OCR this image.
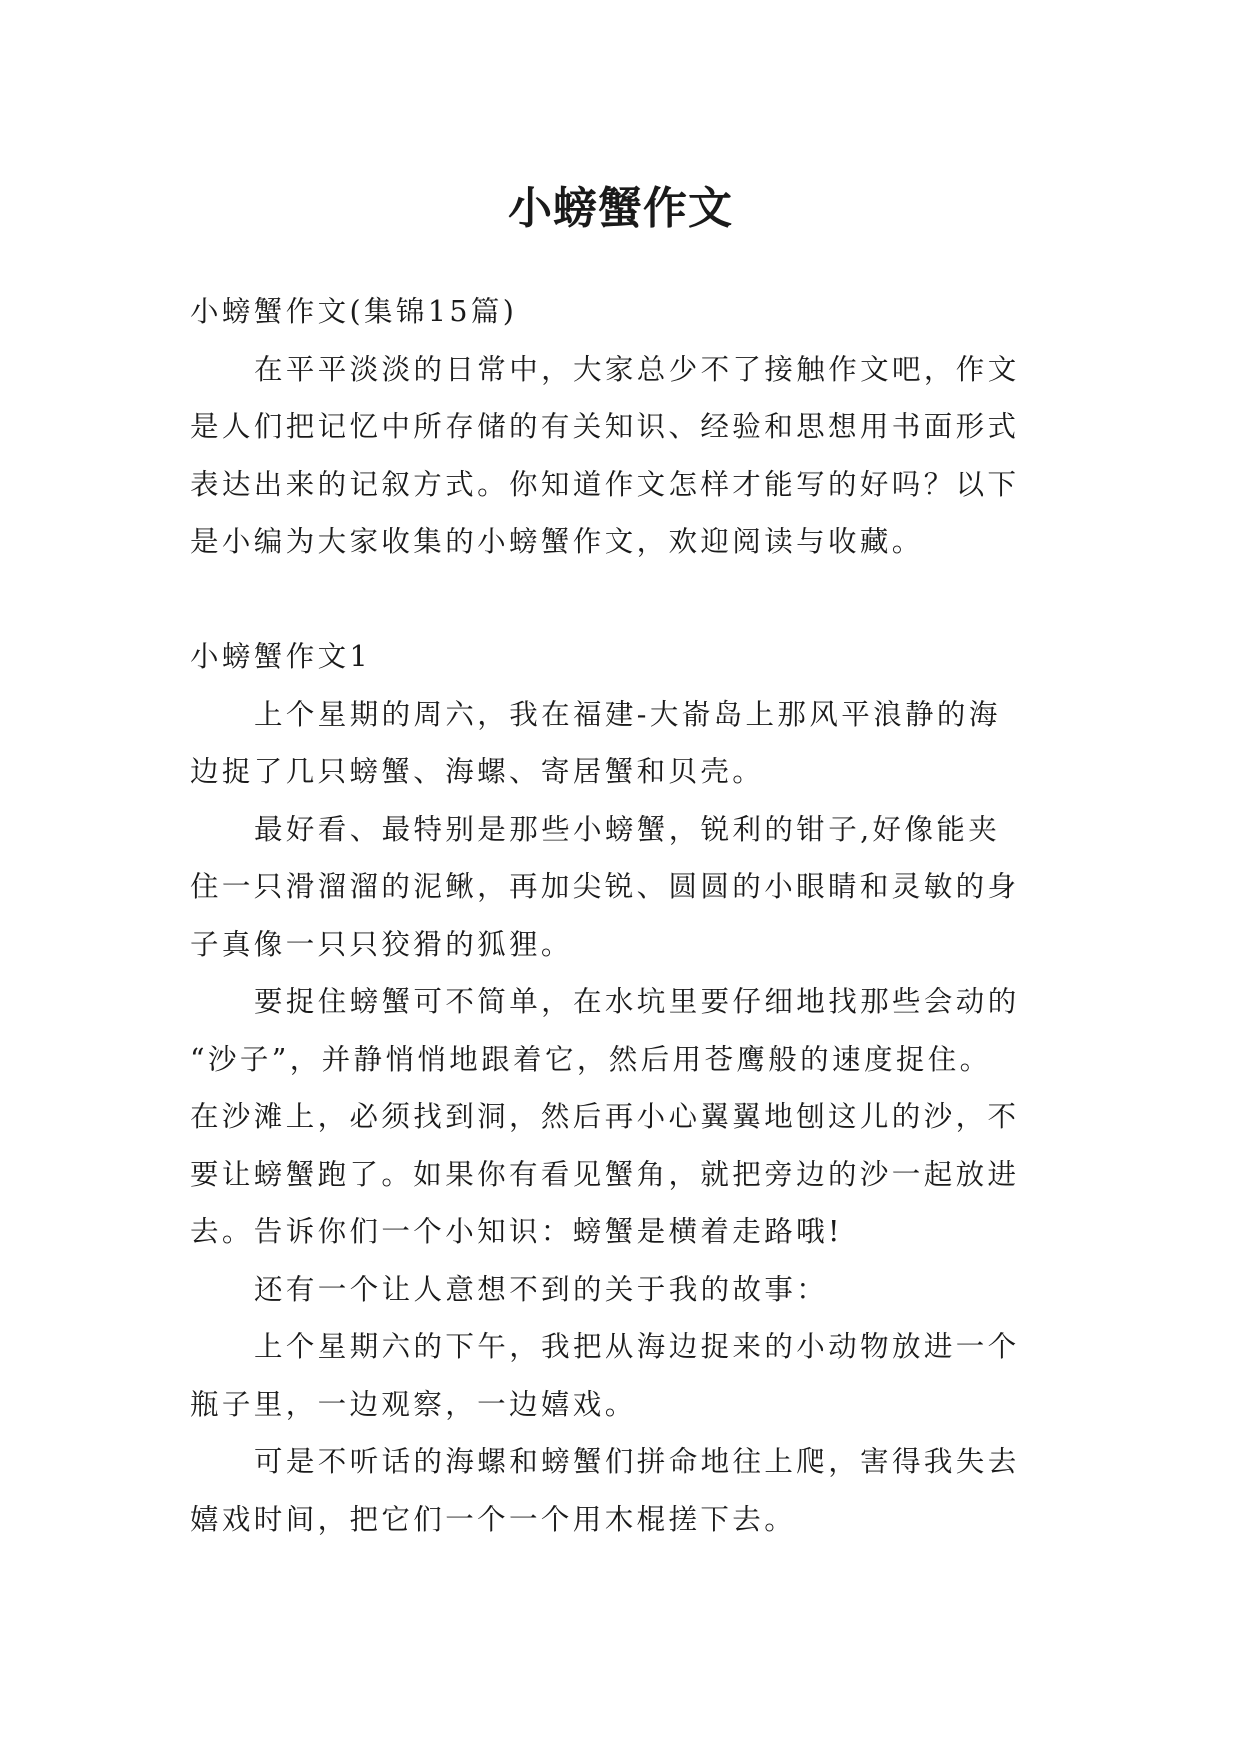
小螃蟹作文

小螃蟹作文(集锦15篇)

在平平淡淡的日常中，大家总少不了接触作文吧，作文

是人们把记忆中所存储的有关知识、经验和思想用书面形式

表达出来的记叙方式。你知道作文怎样才能写的好吗？以下

是小编为大家收集的小螃蟹作文，欢迎阅读与收藏。

小螃蟹作文1

上个星期的周六，我在福建-大嵛岛上那风平浪静的海

边捉了几只螃蟹、海螺、寄居蟹和贝壳。

最好看、最特别是那些小螃蟹，锐利的钳子,好像能夹

住一只滑溜溜的泥鳅，再加尖锐、圆圆的小眼睛和灵敏的身

子真像一只只狡猾的狐狸。

要捉住螃蟹可不简单，在水坑里要仔细地找那些会动的

“沙子”，并静悄悄地跟着它，然后用苍鹰般的速度捉住。

在沙滩上，必须找到洞，然后再小心翼翼地刨这儿的沙，不

要让螃蟹跑了。如果你有看见蟹角，就把旁边的沙一起放进

去。告诉你们一个小知识：螃蟹是横着走路哦!

还有一个让人意想不到的关于我的故事：

上个星期六的下午，我把从海边捉来的小动物放进一个

瓶子里，一边观察，一边嬉戏。

可是不听话的海螺和螃蟹们拼命地往上爬，害得我失去

嬉戏时间，把它们一个一个用木棍搓下去。
